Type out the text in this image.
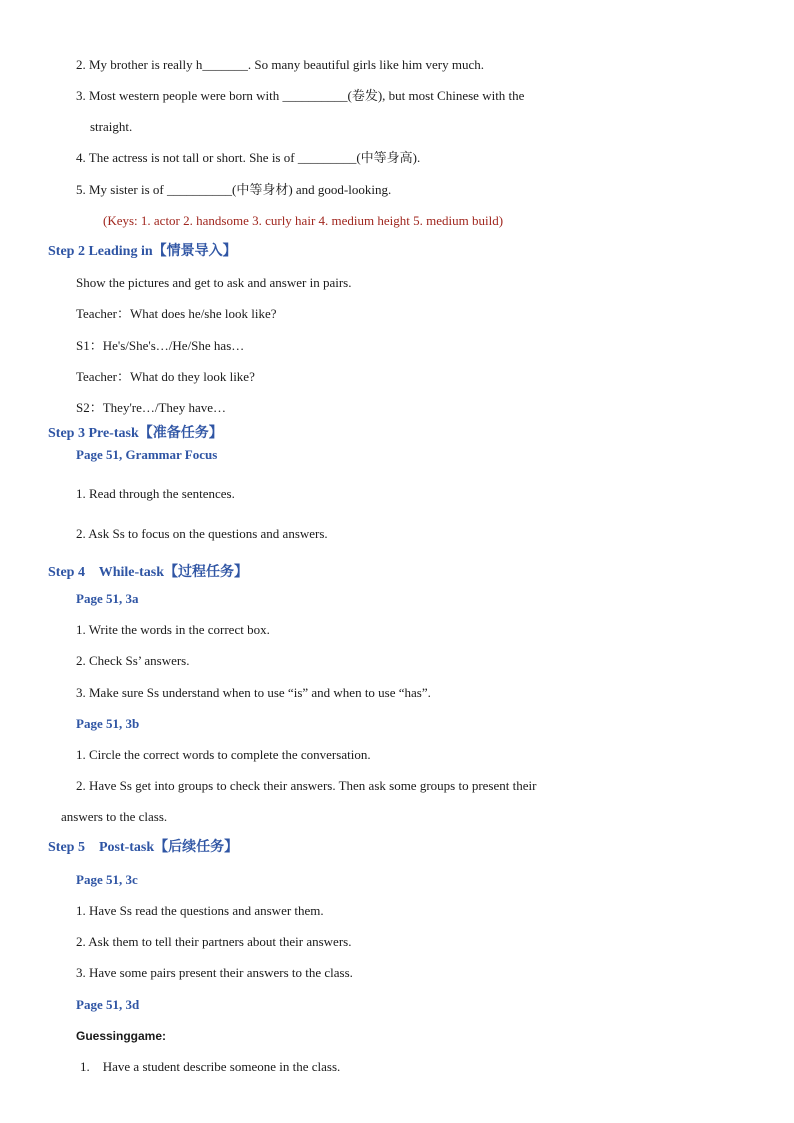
2. My brother is really h_______. So many beautiful girls like him very much.
3. Most western people were born with __________(卷发), but most Chinese with the
straight.
4. The actress is not tall or short. She is of _________(中等身高).
5. My sister is of __________(中等身材) and good-looking.
(Keys: 1. actor 2. handsome 3. curly hair 4. medium height 5. medium build)
Step 2 Leading in【情景导入】
Show the pictures and get to ask and answer in pairs.
Teacher：What does he/she look like?
S1：He's/She's…/He/She has…
Teacher：What do they look like?
S2：They're…/They have…
Step 3 Pre-task【准备任务】
Page 51, Grammar Focus
1. Read through the sentences.
2. Ask Ss to focus on the questions and answers.
Step 4    While-task【过程任务】
Page 51, 3a
1. Write the words in the correct box.
2. Check Ss’ answers.
3. Make sure Ss understand when to use “is” and when to use “has”.
Page 51, 3b
1. Circle the correct words to complete the conversation.
2. Have Ss get into groups to check their answers. Then ask some groups to present their
answers to the class.
Step 5    Post-task【后续任务】
Page 51, 3c
1. Have Ss read the questions and answer them.
2. Ask them to tell their partners about their answers.
3. Have some pairs present their answers to the class.
Page 51, 3d
Guessinggame:
1.    Have a student describe someone in the class.
